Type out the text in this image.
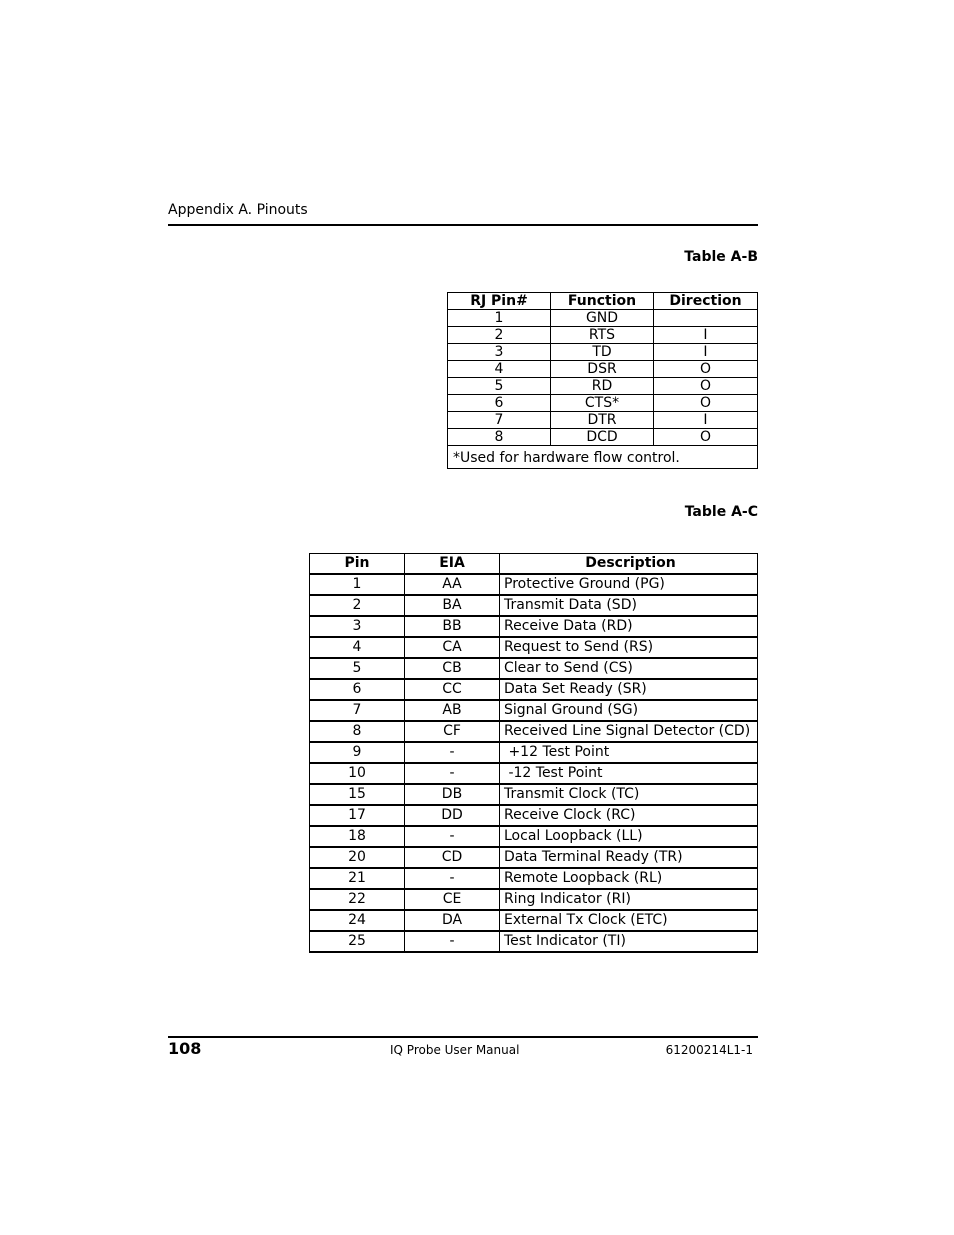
Appendix A. Pinouts
Table A-B
RJ Pin#	Function	Direction
1	GND	
2	RTS	I
3	TD	I
4	DSR	O
5	RD	O
6	CTS*	O
7	DTR	I
8	DCD	O
*Used for hardware flow control.		
Table A-C
Pin	EIA	Description
1	AA	Protective Ground (PG)
2	BA	Transmit Data (SD)
3	BB	Receive Data (RD)
4	CA	Request to Send (RS)
5	CB	Clear to Send (CS)
6	CC	Data Set Ready (SR)
7	AB	Signal Ground (SG)
8	CF	Received Line Signal Detector (CD)
9	-	+12 Test Point
10	-	-12 Test Point
15	DB	Transmit Clock (TC)
17	DD	Receive Clock (RC)
18	-	Local Loopback (LL)
20	CD	Data Terminal Ready (TR)
21	-	Remote Loopback (RL)
22	CE	Ring Indicator (RI)
24	DA	External Tx Clock (ETC)
25	-	Test Indicator (TI)
108	IQ Probe User Manual	61200214L1-1
